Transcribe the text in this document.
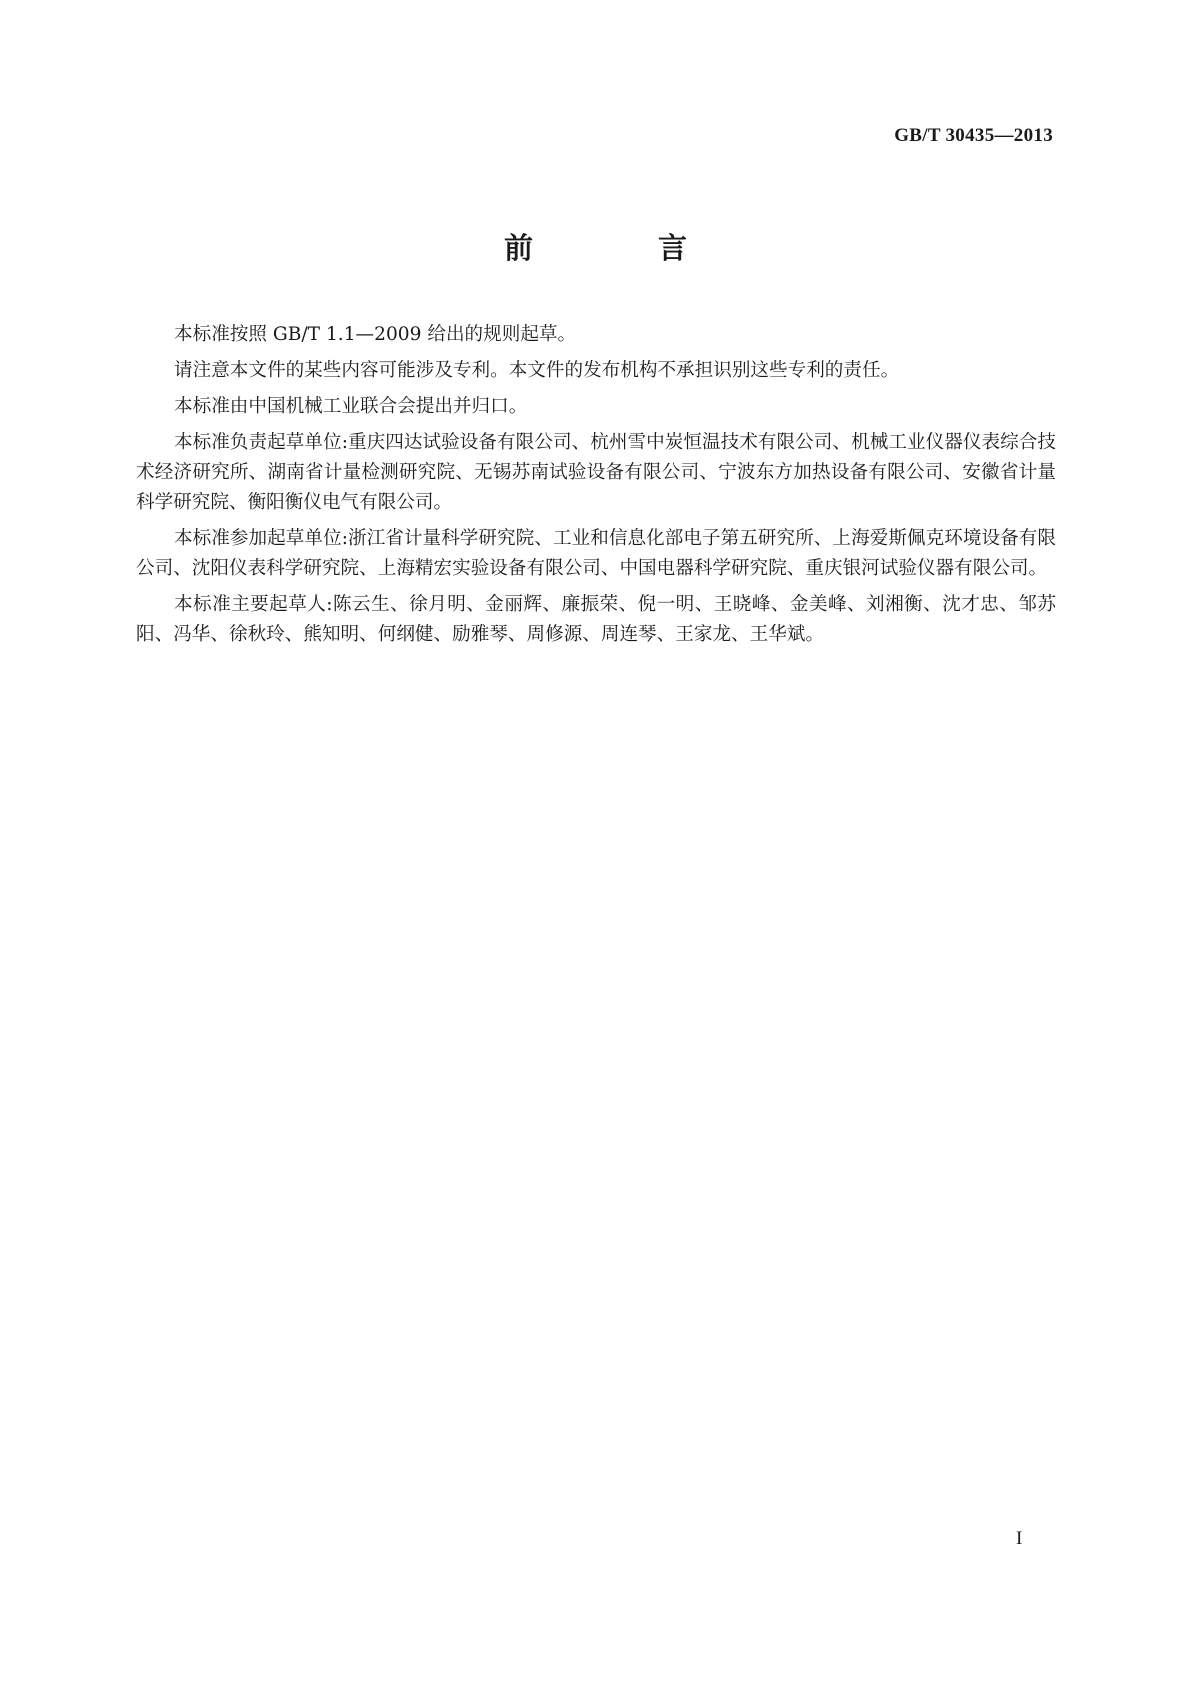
GB/T 30435—2013
前　言

本标准按照 GB/T 1.1—2009 给出的规则起草。

请注意本文件的某些内容可能涉及专利。本文件的发布机构不承担识别这些专利的责任。

本标准由中国机械工业联合会提出并归口。

本标准负责起草单位:重庆四达试验设备有限公司、杭州雪中炭恒温技术有限公司、机械工业仪器仪表综合技术经济研究所、湖南省计量检测研究院、无锡苏南试验设备有限公司、宁波东方加热设备有限公司、安徽省计量科学研究院、衡阳衡仪电气有限公司。

本标准参加起草单位:浙江省计量科学研究院、工业和信息化部电子第五研究所、上海爱斯佩克环境设备有限公司、沈阳仪表科学研究院、上海精宏实验设备有限公司、中国电器科学研究院、重庆银河试验仪器有限公司。

本标准主要起草人:陈云生、徐月明、金丽辉、廉振荣、倪一明、王晓峰、金美峰、刘湘衡、沈才忠、邹苏阳、冯华、徐秋玲、熊知明、何纲健、励雅琴、周修源、周连琴、王家龙、王华斌。

I
